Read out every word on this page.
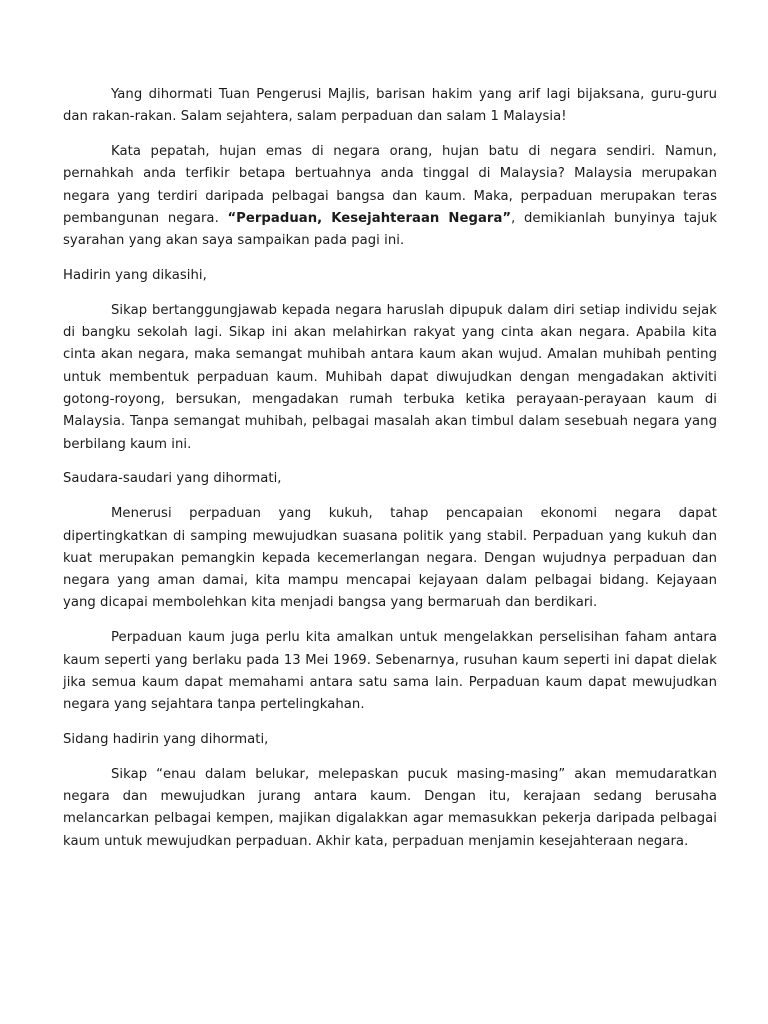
Yang dihormati Tuan Pengerusi Majlis, barisan hakim yang arif lagi bijaksana, guru-guru dan rakan-rakan. Salam sejahtera, salam perpaduan dan salam 1 Malaysia!

Kata pepatah, hujan emas di negara orang, hujan batu di negara sendiri. Namun, pernahkah anda terfikir betapa bertuahnya anda tinggal di Malaysia? Malaysia merupakan negara yang terdiri daripada pelbagai bangsa dan kaum. Maka, perpaduan merupakan teras pembangunan negara. “Perpaduan, Kesejahteraan Negara”, demikianlah bunyinya tajuk syarahan yang akan saya sampaikan pada pagi ini.

Hadirin yang dikasihi,

Sikap bertanggungjawab kepada negara haruslah dipupuk dalam diri setiap individu sejak di bangku sekolah lagi. Sikap ini akan melahirkan rakyat yang cinta akan negara. Apabila kita cinta akan negara, maka semangat muhibah antara kaum akan wujud. Amalan muhibah penting untuk membentuk perpaduan kaum. Muhibah dapat diwujudkan dengan mengadakan aktiviti gotong-royong, bersukan, mengadakan rumah terbuka ketika perayaan-perayaan kaum di Malaysia. Tanpa semangat muhibah, pelbagai masalah akan timbul dalam sesebuah negara yang berbilang kaum ini.

Saudara-saudari yang dihormati,

Menerusi perpaduan yang kukuh, tahap pencapaian ekonomi negara dapat dipertingkatkan di samping mewujudkan suasana politik yang stabil. Perpaduan yang kukuh dan kuat merupakan pemangkin kepada kecemerlangan negara. Dengan wujudnya perpaduan dan negara yang aman damai, kita mampu mencapai kejayaan dalam pelbagai bidang. Kejayaan yang dicapai membolehkan kita menjadi bangsa yang bermaruah dan berdikari.

Perpaduan kaum juga perlu kita amalkan untuk mengelakkan perselisihan faham antara kaum seperti yang berlaku pada 13 Mei 1969. Sebenarnya, rusuhan kaum seperti ini dapat dielak jika semua kaum dapat memahami antara satu sama lain. Perpaduan kaum dapat mewujudkan negara yang sejahtara tanpa pertelingkahan.

Sidang hadirin yang dihormati,

Sikap “enau dalam belukar, melepaskan pucuk masing-masing” akan memudaratkan negara dan mewujudkan jurang antara kaum. Dengan itu, kerajaan sedang berusaha melancarkan pelbagai kempen, majikan digalakkan agar memasukkan pekerja daripada pelbagai kaum untuk mewujudkan perpaduan. Akhir kata, perpaduan menjamin kesejahteraan negara.
